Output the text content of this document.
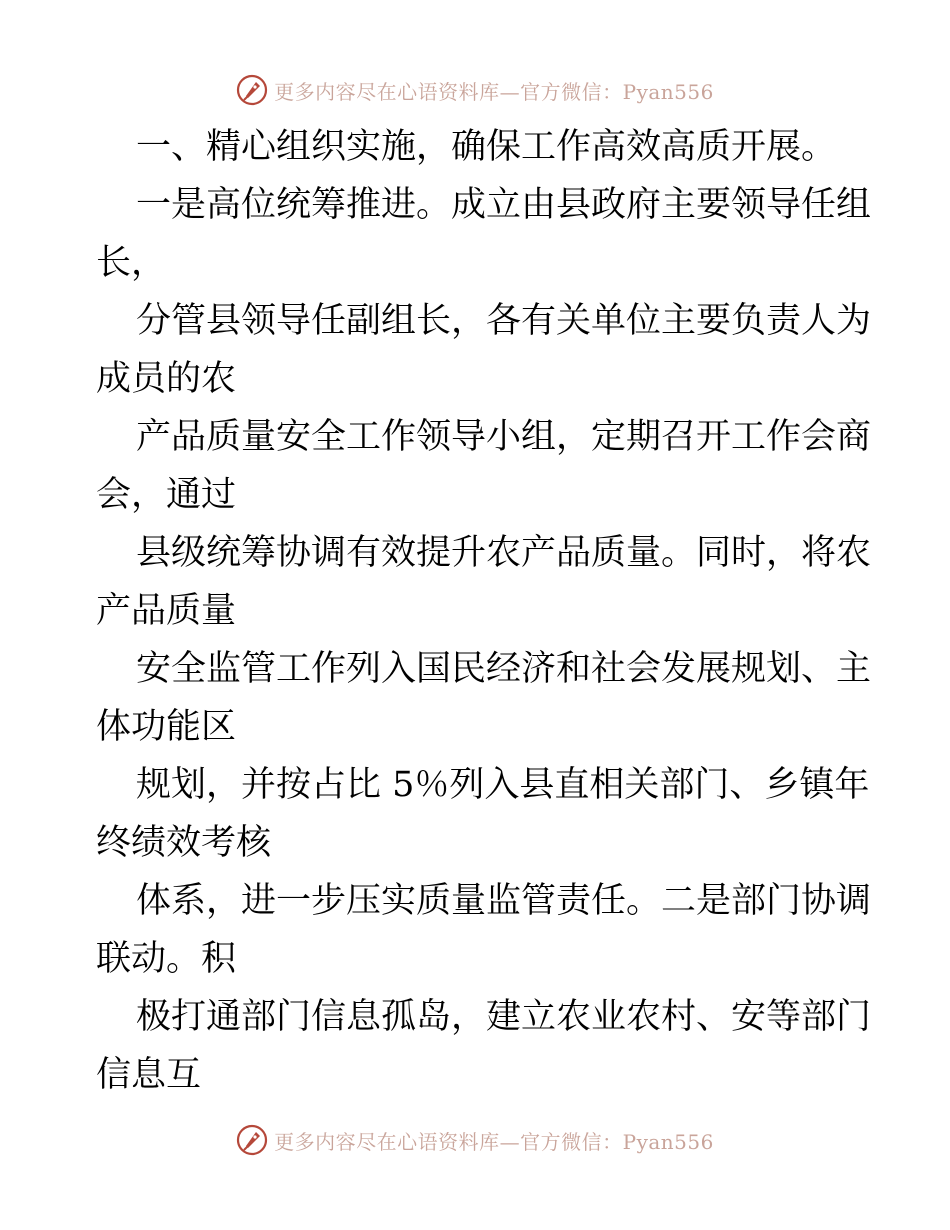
更多内容尽在心语资料库—官方微信：Pyan556
一、精心组织实施，确保工作高效高质开展。
一是高位统筹推进。成立由县政府主要领导任组
长，
分管县领导任副组长，各有关单位主要负责人为
成员的农
产品质量安全工作领导小组，定期召开工作会商
会，通过
县级统筹协调有效提升农产品质量。同时，将农
产品质量
安全监管工作列入国民经济和社会发展规划、主
体功能区
规划，并按占比 5％列入县直相关部门、乡镇年
终绩效考核
体系，进一步压实质量监管责任。二是部门协调
联动。积
极打通部门信息孤岛，建立农业农村、安等部门
信息互
更多内容尽在心语资料库—官方微信：Pyan556
